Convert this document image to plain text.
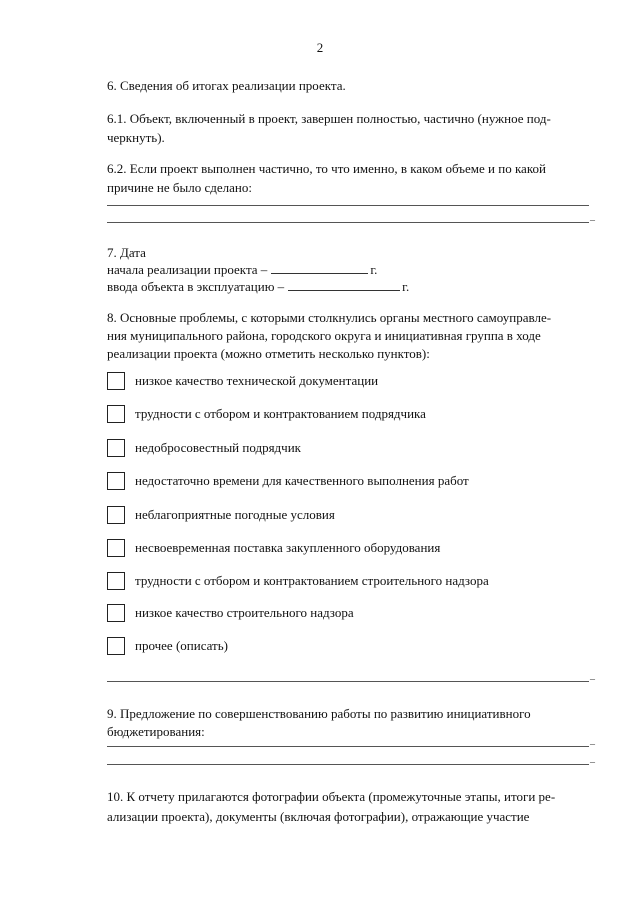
2
6. Сведения об итогах реализации проекта.
6.1. Объект, включенный в проект, завершен полностью, частично (нужное под-
черкнуть).
6.2. Если проект выполнен частично, то что именно, в каком объеме и по какой
причине не было сделано:
–
7. Дата
начала реализации проекта –	г.
ввода объекта в эксплуатацию –	г.
8. Основные проблемы, с которыми столкнулись органы местного самоуправле-
ния муниципального района, городского округа и инициативная группа в ходе
реализации проекта (можно отметить несколько пунктов):
низкое качество технической документации
трудности с отбором и контрактованием подрядчика
недобросовестный подрядчик
недостаточно времени для качественного выполнения работ
неблагоприятные погодные условия
несвоевременная поставка закупленного оборудования
трудности с отбором и контрактованием строительного надзора
низкое качество строительного надзора
прочее (описать)
–
9. Предложение по совершенствованию работы по развитию инициативного
бюджетирования:
–
–
10. К отчету прилагаются фотографии объекта (промежуточные этапы, итоги ре-
ализации проекта), документы (включая фотографии), отражающие участие
